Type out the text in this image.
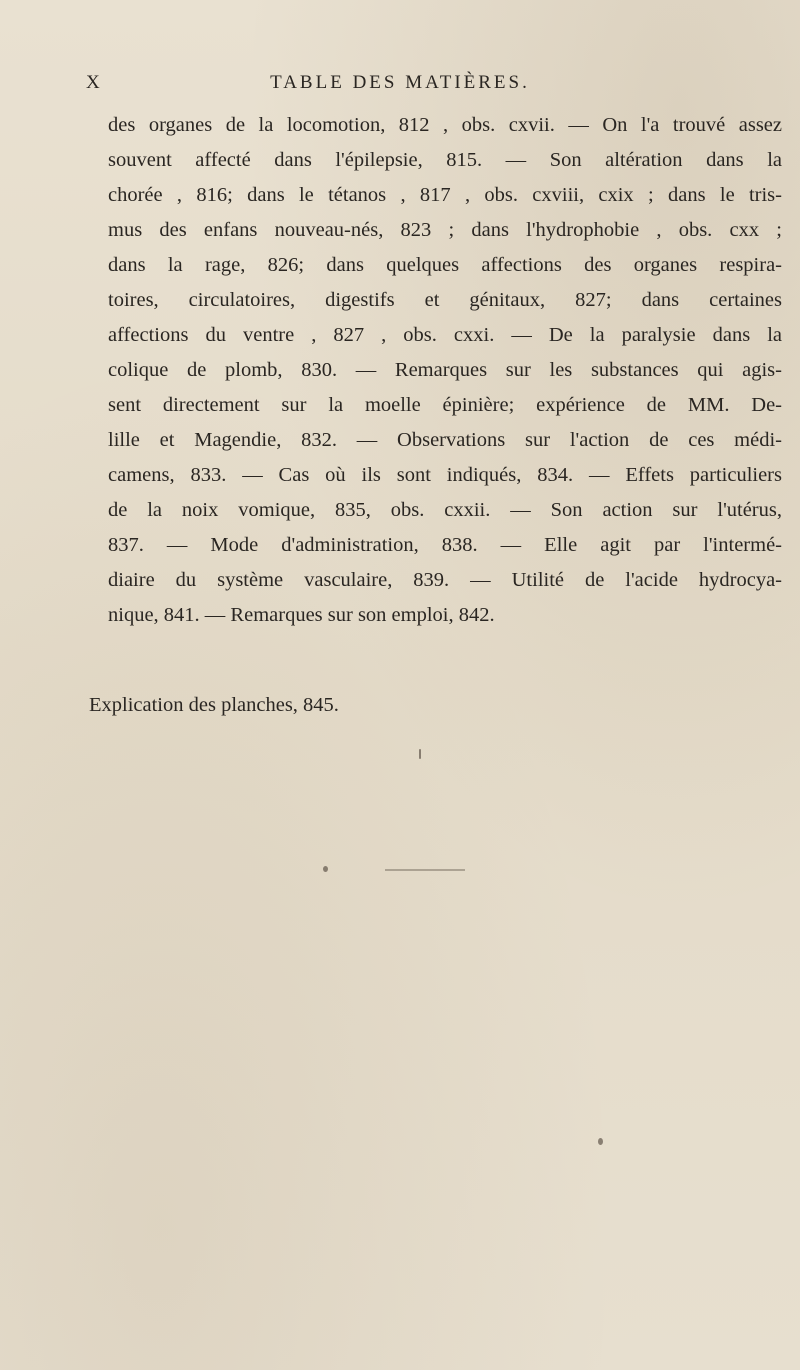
X	TABLE DES MATIÈRES.
des organes de la locomotion, 812 , obs. cxvii. — On l'a trouvé assez
souvent affecté dans l'épilepsie, 815. — Son altération dans la
chorée , 816; dans le tétanos , 817 , obs. cxviii, cxix ; dans le tris-
mus des enfans nouveau-nés, 823 ; dans l'hydrophobie , obs. cxx ;
dans la rage, 826; dans quelques affections des organes respira-
toires, circulatoires, digestifs et génitaux, 827; dans certaines
affections du ventre , 827 , obs. cxxi. — De la paralysie dans la
colique de plomb, 830. — Remarques sur les substances qui agis-
sent directement sur la moelle épinière; expérience de MM. De-
lille et Magendie, 832. — Observations sur l'action de ces médi-
camens, 833. — Cas où ils sont indiqués, 834. — Effets particuliers
de la noix vomique, 835, obs. cxxii. — Son action sur l'utérus,
837. — Mode d'administration, 838. — Elle agit par l'intermé-
diaire du système vasculaire, 839. — Utilité de l'acide hydrocya-
nique, 841. — Remarques sur son emploi, 842.
Explication des planches, 845.
